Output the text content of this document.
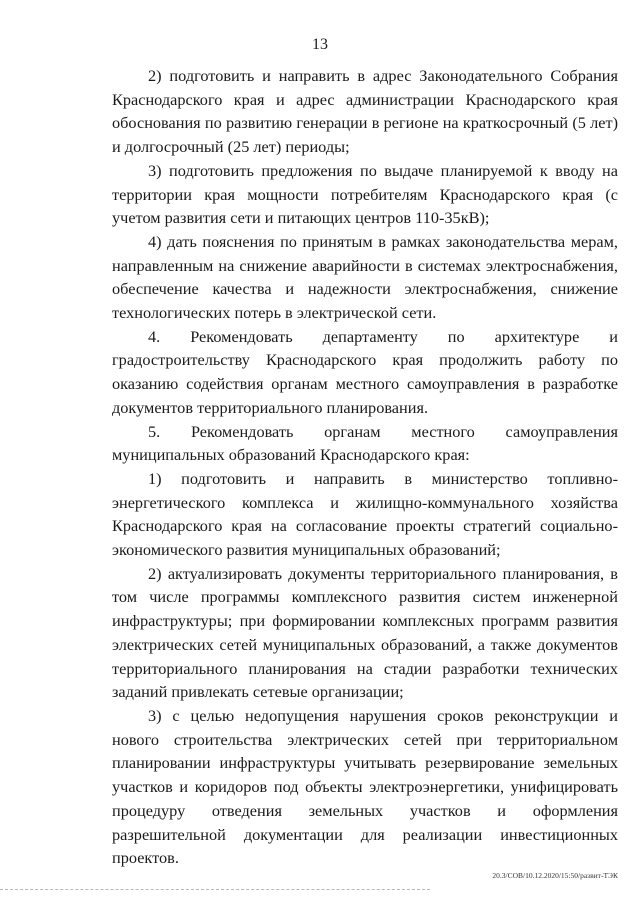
13

2) подготовить и направить в адрес Законодательного Собрания Краснодарского края и адрес администрации Краснодарского края обоснования по развитию генерации в регионе на краткосрочный (5 лет) и долгосрочный (25 лет) периоды;

3) подготовить предложения по выдаче планируемой к вводу на территории края мощности потребителям Краснодарского края (с учетом развития сети и питающих центров 110-35кВ);

4) дать пояснения по принятым в рамках законодательства мерам, направленным на снижение аварийности в системах электроснабжения, обеспечение качества и надежности электроснабжения, снижение технологических потерь в электрической сети.

4. Рекомендовать департаменту по архитектуре и градостроительству Краснодарского края продолжить работу по оказанию содействия органам местного самоуправления в разработке документов территориального планирования.

5. Рекомендовать органам местного самоуправления муниципальных образований Краснодарского края:

1) подготовить и направить в министерство топливно-энергетического комплекса и жилищно-коммунального хозяйства Краснодарского края на согласование проекты стратегий социально-экономического развития муниципальных образований;

2) актуализировать документы территориального планирования, в том числе программы комплексного развития систем инженерной инфраструктуры; при формировании комплексных программ развития электрических сетей муниципальных образований, а также документов территориального планирования на стадии разработки технических заданий привлекать сетевые организации;

3) с целью недопущения нарушения сроков реконструкции и нового строительства электрических сетей при территориальном планировании инфраструктуры учитывать резервирование земельных участков и коридоров под объекты электроэнергетики, унифицировать процедуру отведения земельных участков и оформления разрешительной документации для реализации инвестиционных проектов.

20.3/СОВ/10.12.2020/15:50/развит-ТЭК
